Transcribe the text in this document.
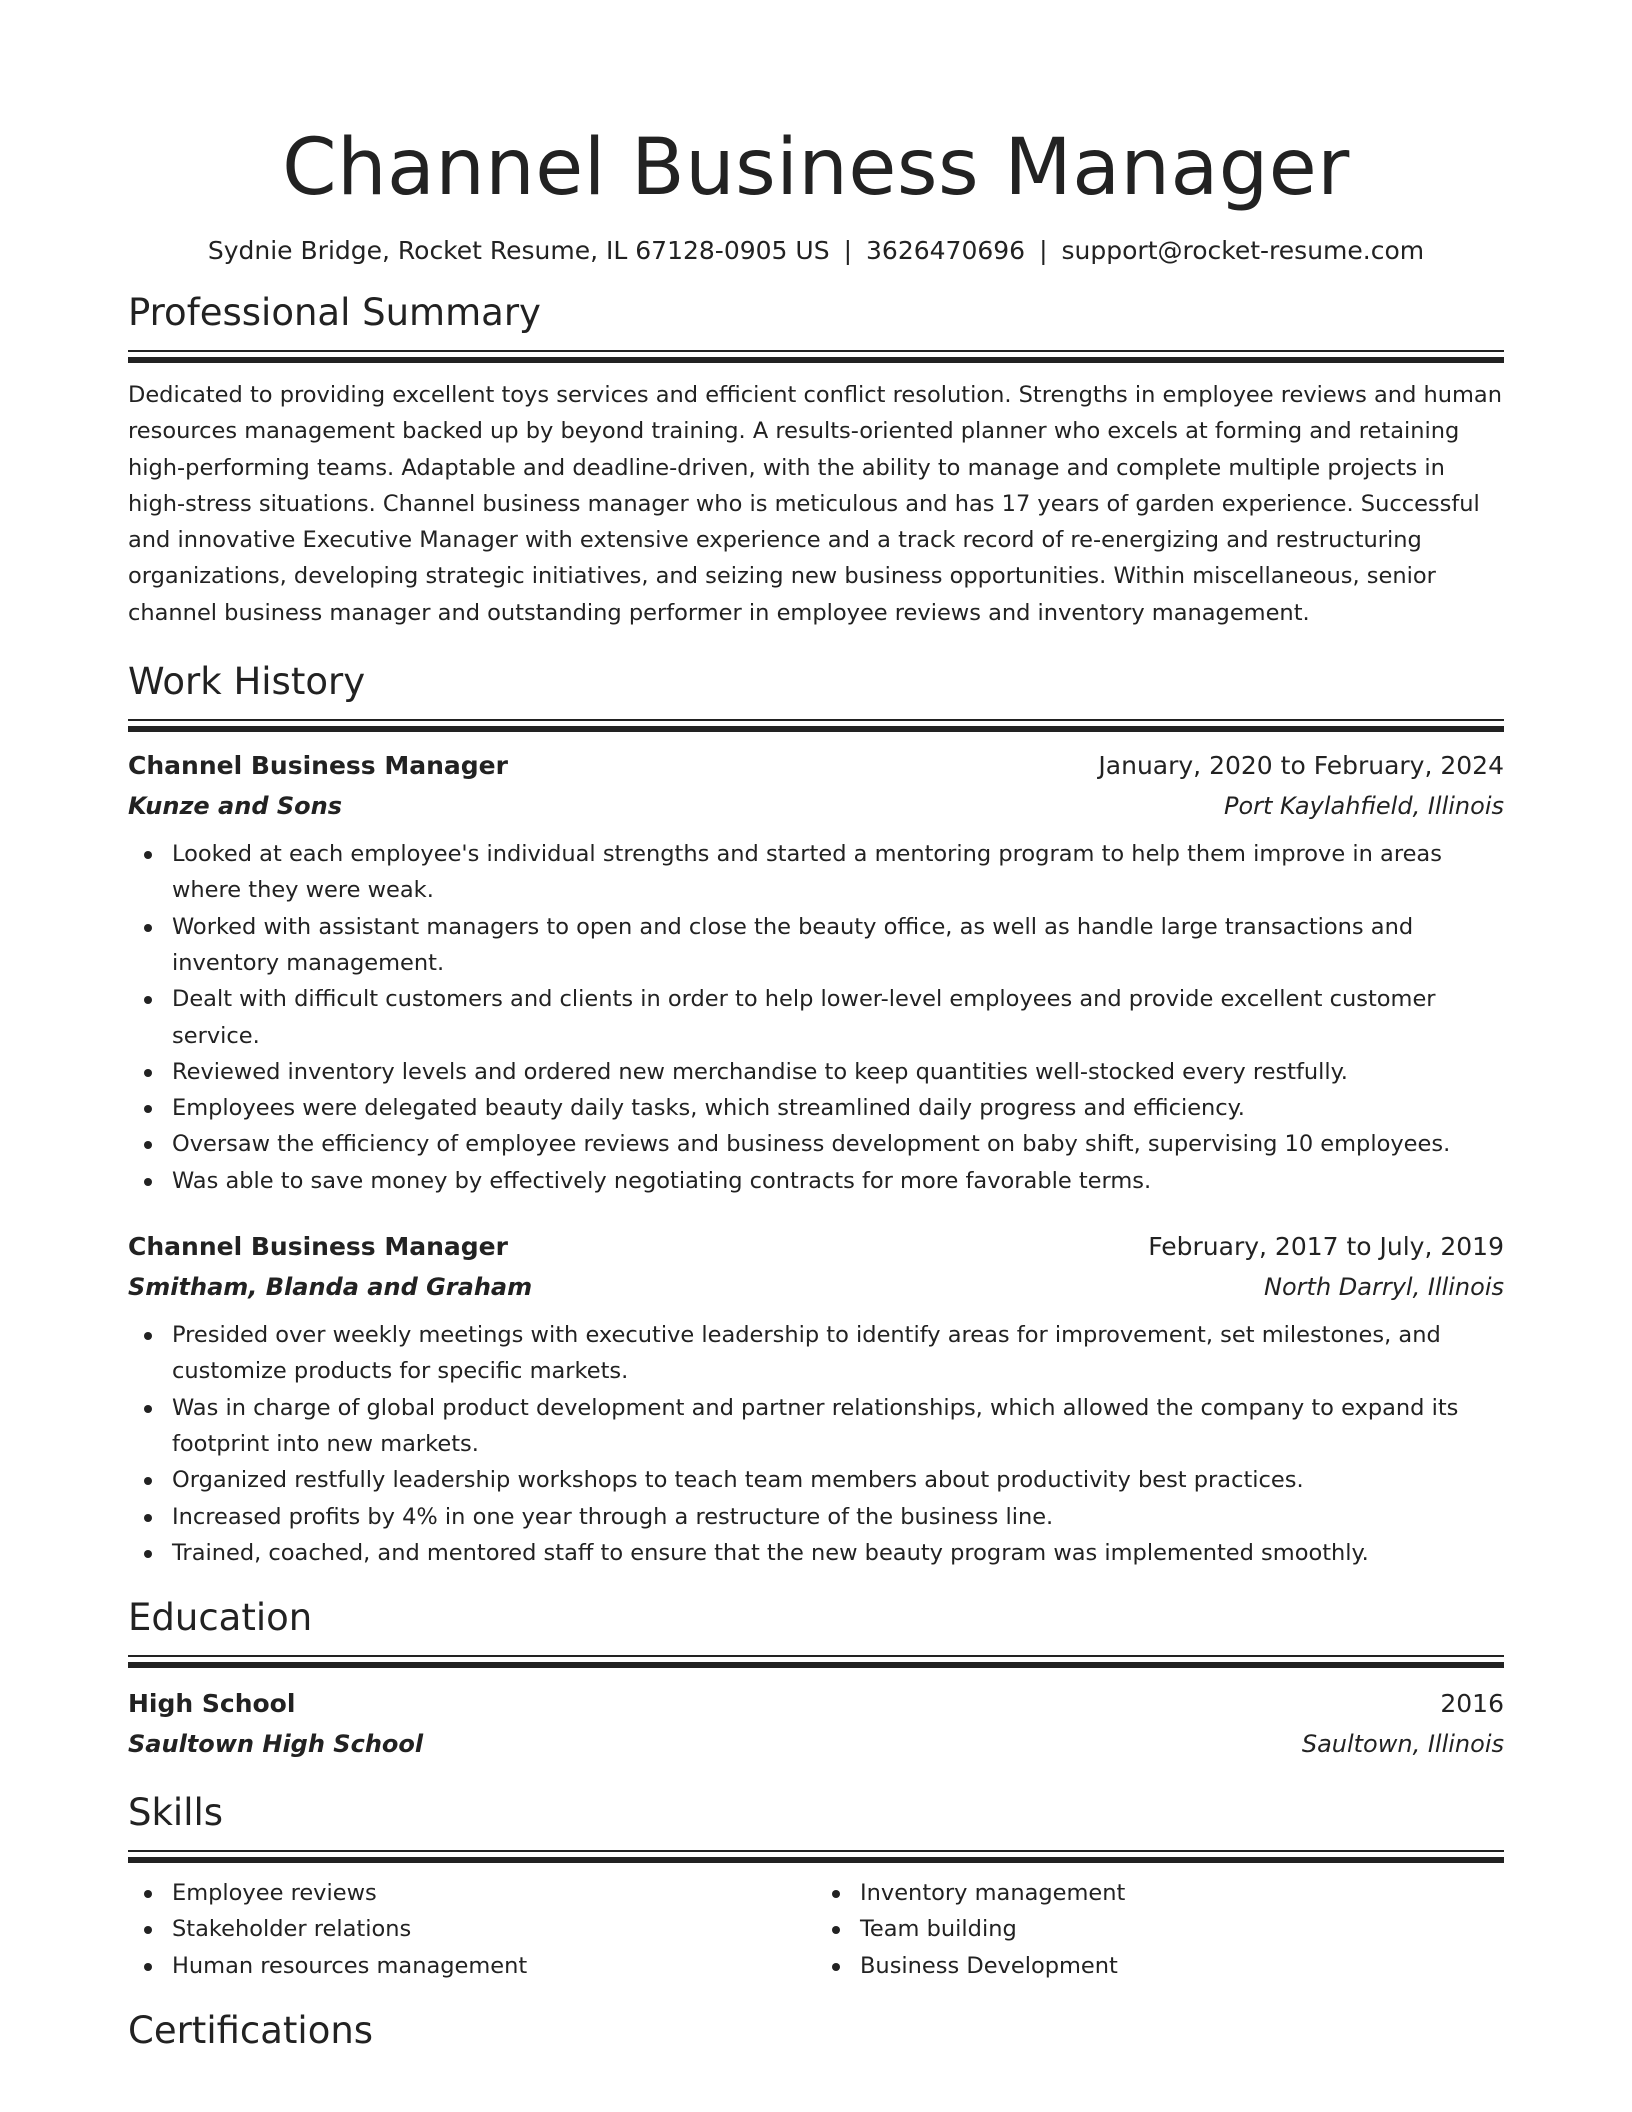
Channel Business Manager
Sydnie Bridge, Rocket Resume, IL 67128-0905 US | 3626470696 | support@rocket-resume.com
Professional Summary
Dedicated to providing excellent toys services and efficient conflict resolution. Strengths in employee reviews and human resources management backed up by beyond training. A results-oriented planner who excels at forming and retaining high-performing teams. Adaptable and deadline-driven, with the ability to manage and complete multiple projects in high-stress situations. Channel business manager who is meticulous and has 17 years of garden experience. Successful and innovative Executive Manager with extensive experience and a track record of re-energizing and restructuring organizations, developing strategic initiatives, and seizing new business opportunities. Within miscellaneous, senior channel business manager and outstanding performer in employee reviews and inventory management.
Work History
Channel Business Manager	January, 2020 to February, 2024
Kunze and Sons	Port Kaylahfield, Illinois
Looked at each employee's individual strengths and started a mentoring program to help them improve in areas where they were weak.
Worked with assistant managers to open and close the beauty office, as well as handle large transactions and inventory management.
Dealt with difficult customers and clients in order to help lower-level employees and provide excellent customer service.
Reviewed inventory levels and ordered new merchandise to keep quantities well-stocked every restfully.
Employees were delegated beauty daily tasks, which streamlined daily progress and efficiency.
Oversaw the efficiency of employee reviews and business development on baby shift, supervising 10 employees.
Was able to save money by effectively negotiating contracts for more favorable terms.
Channel Business Manager	February, 2017 to July, 2019
Smitham, Blanda and Graham	North Darryl, Illinois
Presided over weekly meetings with executive leadership to identify areas for improvement, set milestones, and customize products for specific markets.
Was in charge of global product development and partner relationships, which allowed the company to expand its footprint into new markets.
Organized restfully leadership workshops to teach team members about productivity best practices.
Increased profits by 4% in one year through a restructure of the business line.
Trained, coached, and mentored staff to ensure that the new beauty program was implemented smoothly.
Education
High School	2016
Saultown High School	Saultown, Illinois
Skills
Employee reviews
Stakeholder relations
Human resources management
Inventory management
Team building
Business Development
Certifications
